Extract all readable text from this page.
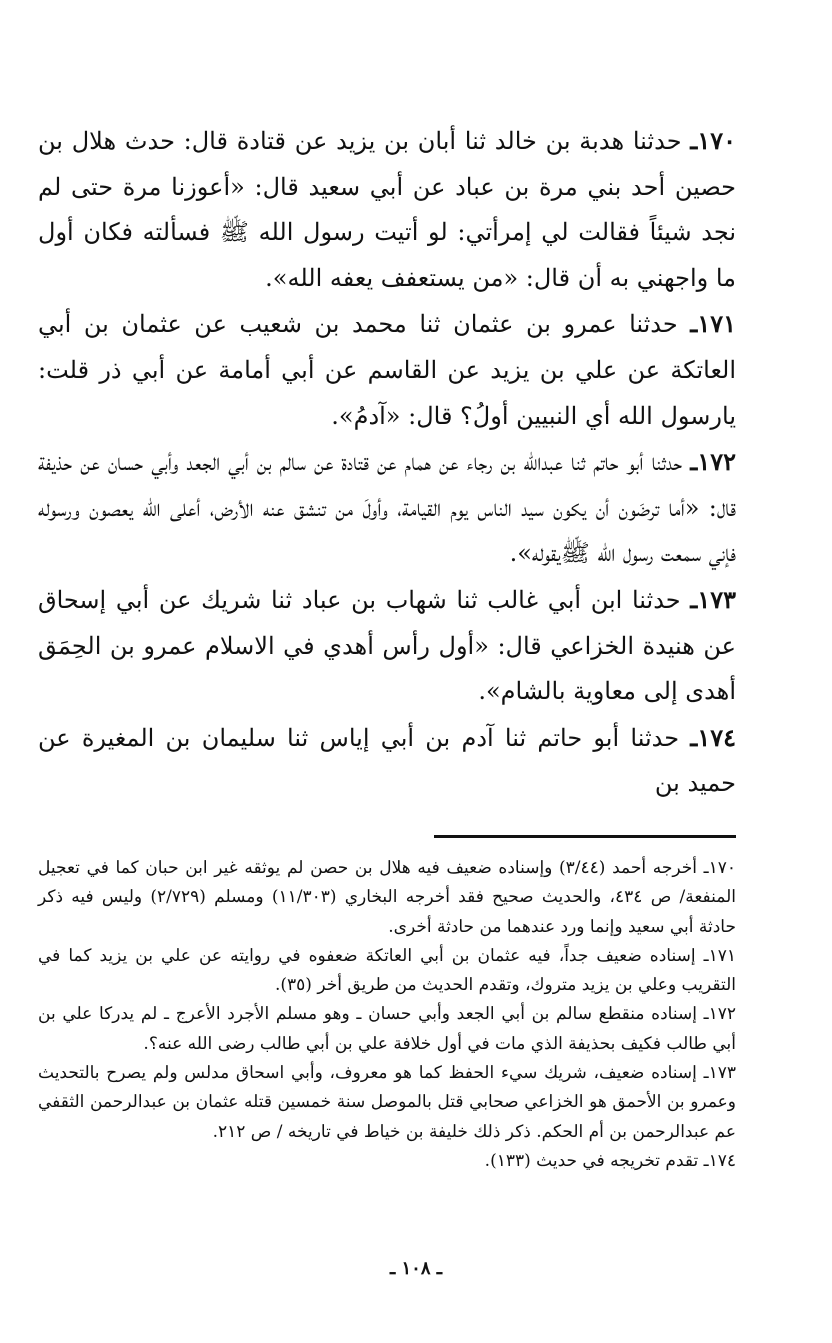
١٧٠ـ حدثنا هدبة بن خالد ثنا أبان بن يزيد عن قتادة قال: حدث هلال بن حصين أحد بني مرة بن عباد عن أبي سعيد قال: «أعوزنا مرة حتى لم نجد شيئاً فقالت لي إمرأتي: لو أتيت رسول الله ﷺ فسألته فكان أول ما واجهني به أن قال: «من يستعفف يعفه الله».

١٧١ـ حدثنا عمرو بن عثمان ثنا محمد بن شعيب عن عثمان بن أبي العاتكة عن علي بن يزيد عن القاسم عن أبي أمامة عن أبي ذر قلت: يارسول الله أي النبيين أولُ؟ قال: «آدمُ».

١٧٢ـ حدثنا أبو حاتم ثنا عبدالله بن رجاء عن همام عن قتادة عن سالم بن أبي الجعد وأبي حسان عن حذيفة قال: «أما ترضَون أن يكون سيد الناس يوم القيامة، وأولَ من تنشق عنه الأرض، أعلى الله يعصون ورسوله فإني سمعت رسول الله ﷺيقوله».

١٧٣ـ حدثنا ابن أبي غالب ثنا شهاب بن عباد ثنا شريك عن أبي إسحاق عن هنيدة الخزاعي قال: «أول رأس أهدي في الاسلام عمرو بن الحِمَق أهدى إلى معاوية بالشام».

١٧٤ـ حدثنا أبو حاتم ثنا آدم بن أبي إياس ثنا سليمان بن المغيرة عن حميد بن

١٧٠ـ أخرجه أحمد (٣/٤٤) وإسناده ضعيف فيه هلال بن حصن لم يوثقه غير ابن حبان كما في تعجيل المنفعة/ ص ٤٣٤، والحديث صحيح فقد أخرجه البخاري (١١/٣٠٣) ومسلم (٢/٧٢٩) وليس فيه ذكر حادثة أبي سعيد وإنما ورد عندهما من حادثة أخرى.

١٧١ـ إسناده ضعيف جداً، فيه عثمان بن أبي العاتكة ضعفوه في روايته عن علي بن يزيد كما في التقريب وعلي بن يزيد متروك، وتقدم الحديث من طريق أخر (٣٥).

١٧٢ـ إسناده منقطع سالم بن أبي الجعد وأبي حسان ـ وهو مسلم الأجرد الأعرج ـ لم يدركا علي بن أبي طالب فكيف بحذيفة الذي مات في أول خلافة علي بن أبي طالب رضى الله عنه؟.

١٧٣ـ إسناده ضعيف، شريك سيء الحفظ كما هو معروف، وأبي اسحاق مدلس ولم يصرح بالتحديث وعمرو بن الأحمق هو الخزاعي صحابي قتل بالموصل سنة خمسين قتله عثمان بن عبدالرحمن الثقفي عم عبدالرحمن بن أم الحكم. ذكر ذلك خليفة بن خياط في تاريخه / ص ٢١٢.

١٧٤ـ تقدم تخريجه في حديث (١٣٣).

ـ ١٠٨ ـ
